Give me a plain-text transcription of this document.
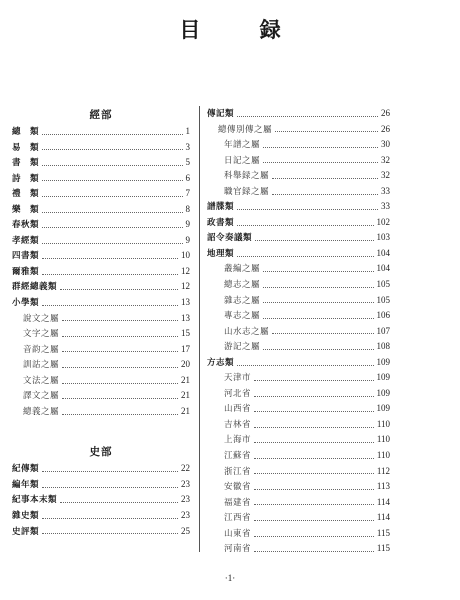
目 録
經部
總　類	1
易　類	3
書　類	5
詩　類	6
禮　類	7
樂　類	8
春秋類	9
孝經類	9
四書類	10
爾雅類	12
群經總義類	12
小學類	13
說文之屬	13
文字之屬	15
音韵之屬	17
訓詁之屬	20
文法之屬	21
譯文之屬	21
總義之屬	21
史部
紀傳類	22
編年類	23
紀事本末類	23
雜史類	23
史評類	25
傳記類	26
總傳別傳之屬	26
年譜之屬	30
日記之屬	32
科舉録之屬	32
職官録之屬	33
譜牒類	33
政書類	102
詔令奏議類	103
地理類	104
叢編之屬	104
總志之屬	105
雜志之屬	105
專志之屬	106
山水志之屬	107
游記之屬	108
方志類	109
天津市	109
河北省	109
山西省	109
吉林省	110
上海市	110
江蘇省	110
浙江省	112
安徽省	113
福建省	114
江西省	114
山東省	115
河南省	115
·1·
